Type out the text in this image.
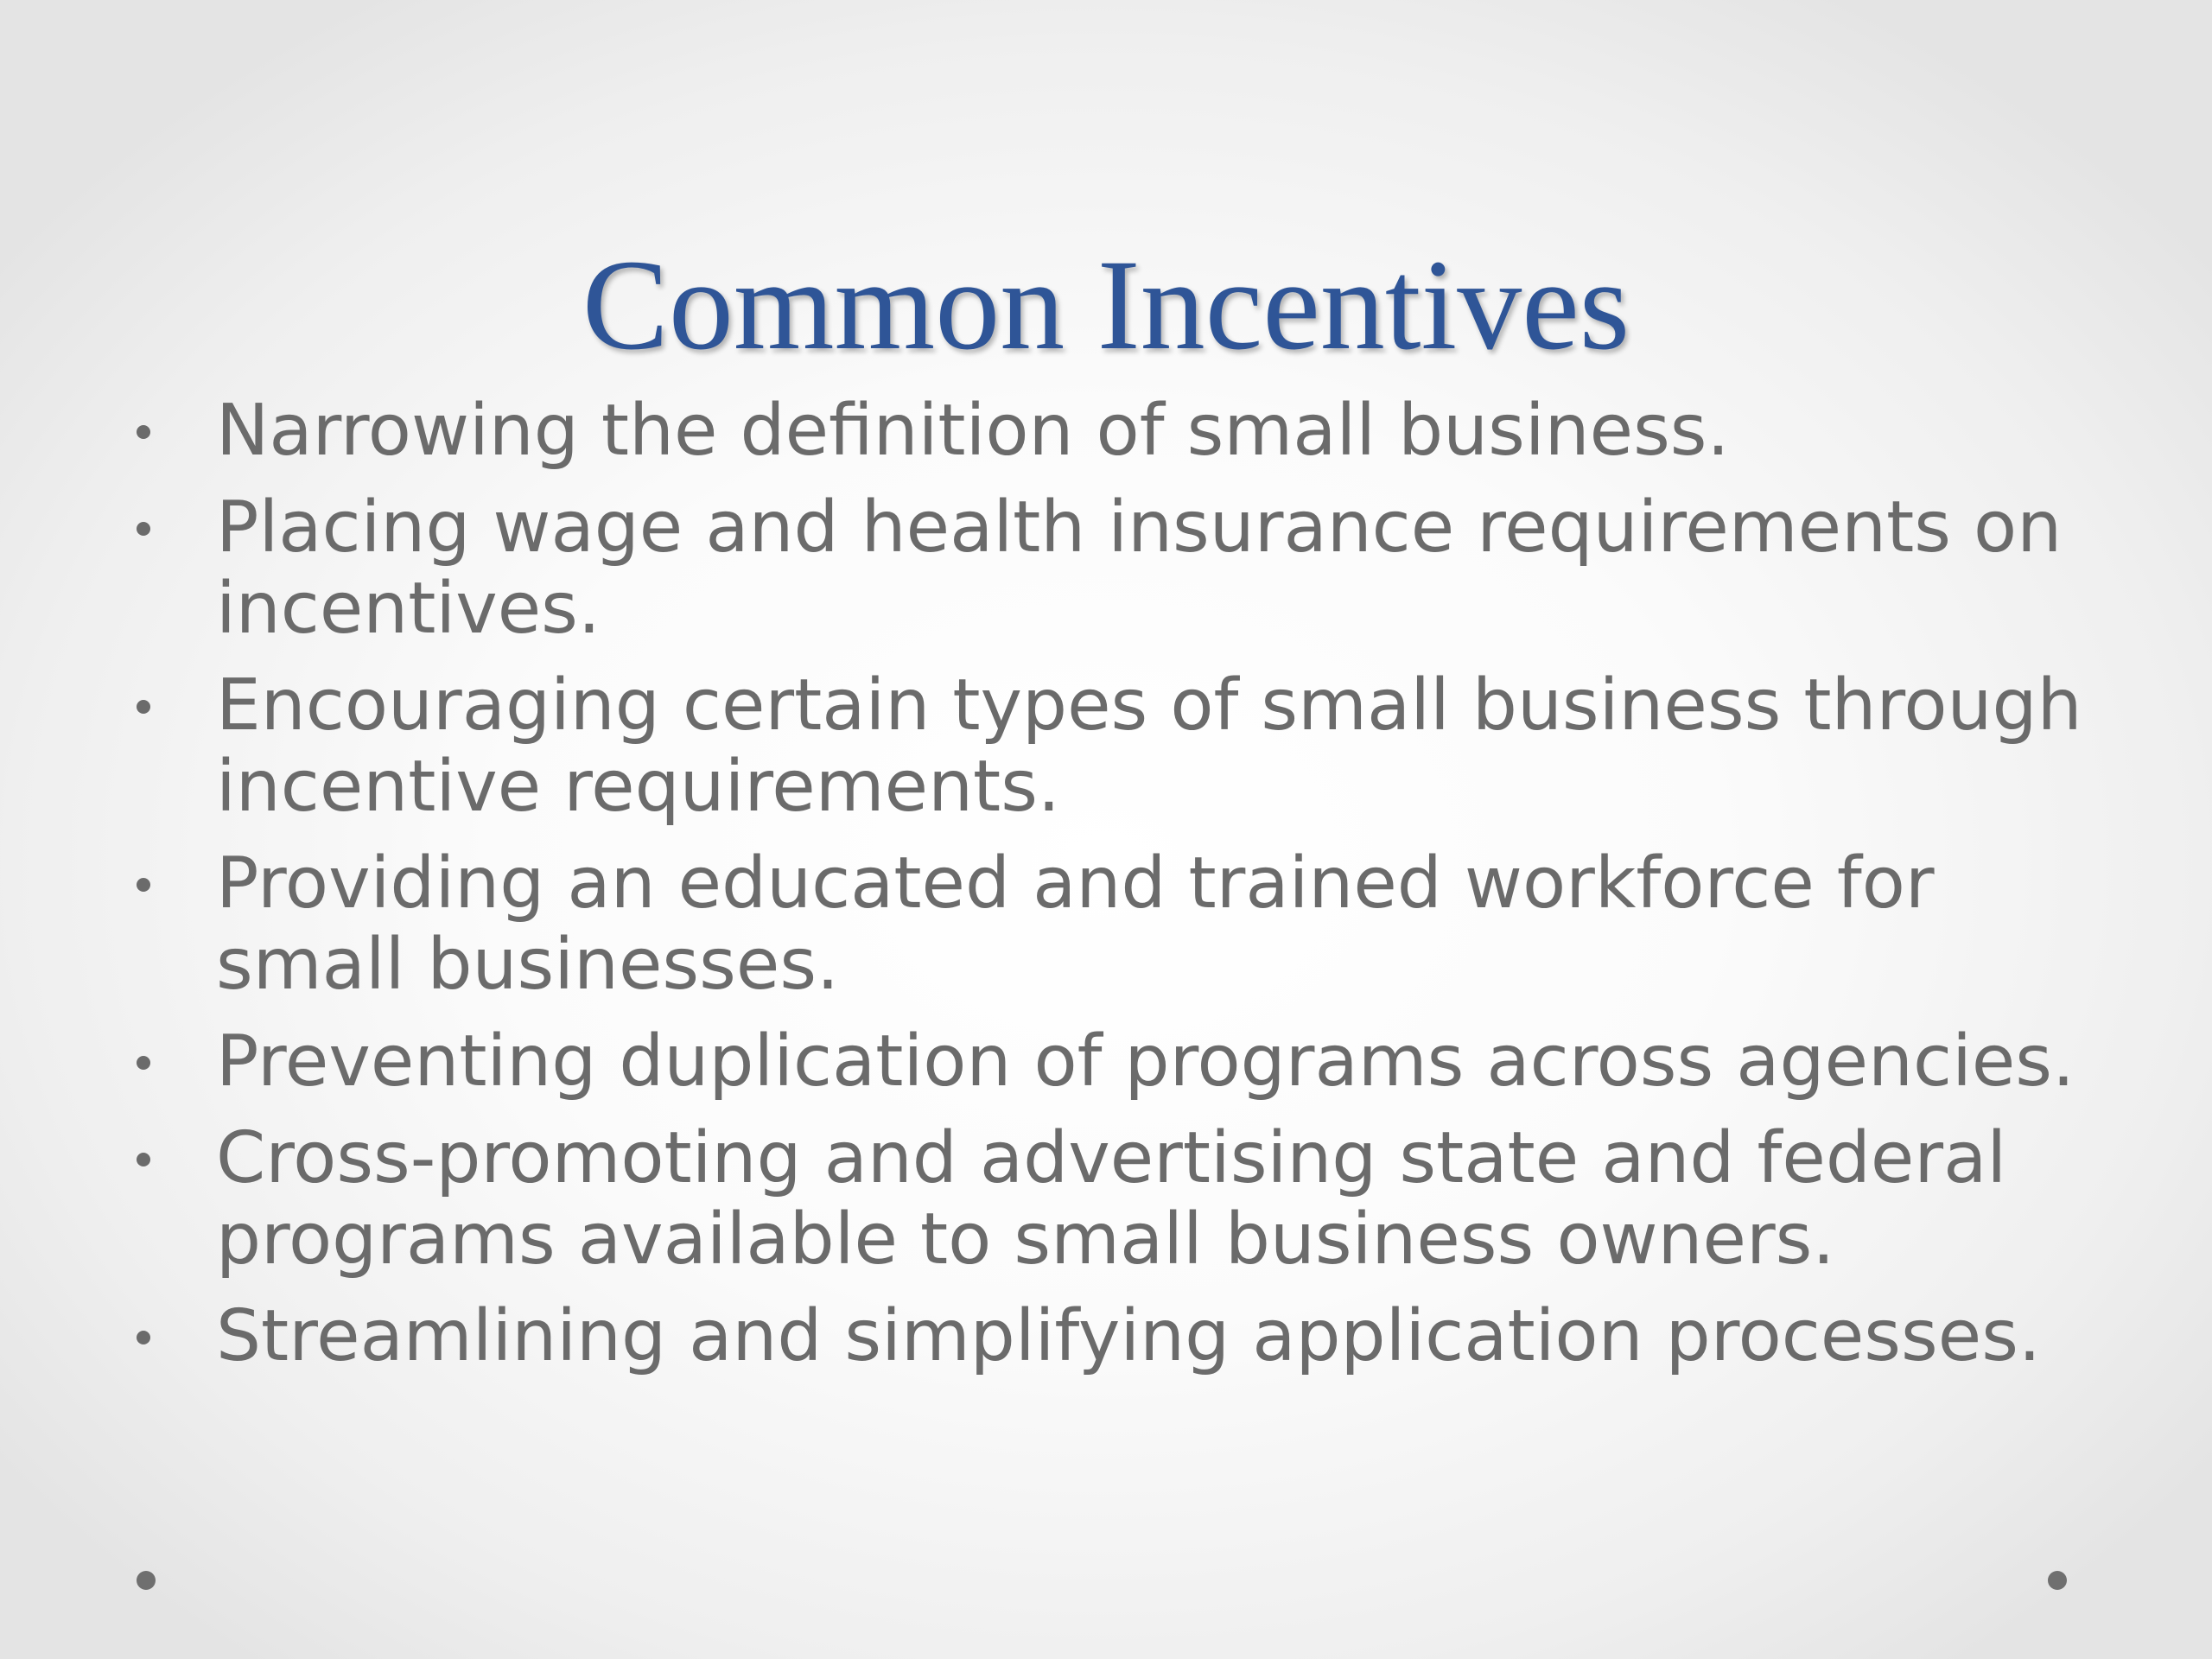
Common Incentives
Narrowing the definition of small business.
Placing wage and health insurance requirements on incentives.
Encouraging certain types of small business through incentive requirements.
Providing an educated and trained workforce for small businesses.
Preventing duplication of programs across agencies.
Cross-promoting and advertising state and federal programs available to small business owners.
Streamlining and simplifying application processes.
